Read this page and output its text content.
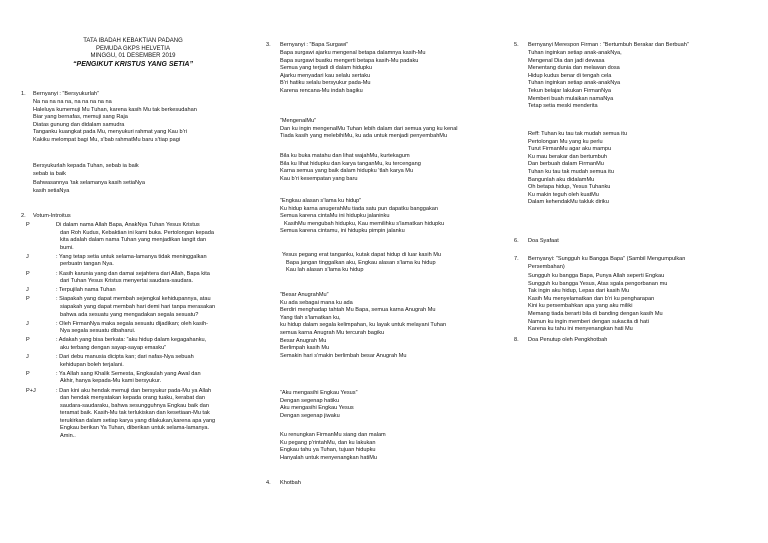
TATA IBADAH KEBAKTIAN PADANG
PEMUDA GKPS HELVETIA
MINGGU, 01 DESEMBER 2019
“PENGIKUT KRISTUS YANG SETIA”
1. Bernyanyi : “Bersyukurlah”
Na na na na na, na na na na na
Haleluya kumemuji Mu Tuhan, karena kasih Mu tak berkesudahan
Biar yang bernafas, memuji sang Raja
Diatas gunung dan didalam samudra
Tanganku kuangkat pada Mu, menyukuri rahmat yang Kau b’ri
Kakiku melompat bagi Mu, s’bab rahmatMu baru s’tiap pagi
Bersyukurlah kepada Tuhan, sebab ia baik
sebab ia baik
Bahwasannya ‘tak selamanya kasih setiaNya
kasih setiaNya
2. Votum-Introitus
P	Di dalam nama Allah Bapa, AnakNya Tuhan Yesus Kristus
dan Roh Kudus, Kebaktian ini kami buka. Pertolongan kepada
kita adalah dalam nama Tuhan yang menjadikan langit dan
bumi.
J	: Yang tetap setia untuk selama-lamanya tidak meninggalkan
perbuatn tangan Nya.
P	: Kasih karunia yang dan damai sejahtera dari Allah, Bapa kita
dari Tuhan Yesus Kristus menyertai saudara-saudara.
J	: Terpujilah nama Tuhan
P	: Siapakah yang dapat membah sejengkal kehidupannya, atau
siapakah yang dapat membah hari demi hari tanpa merasakan
bahwa ada sesuatu yang mengadakan segala sesuatu?
J	: Oleh FirmanNya maka segala sesuatu dijadikan; oleh kasih-
Nya segala sesuatu dibaharui.
P	: Adakah yang bisa berkata: “aku hidup dalam kegagahanku,
aku terbang dengan sayap-sayap emasku”
J	: Dari debu manusia dicipta kan; dari nafas-Nya sebuah
kehidupan boleh terjalani.
P	: Ya Allah sang Khalik Semesta, Engkaulah yang Awal dan
Akhir, hanya kepada-Mu kami bersyukur.
P+J	: Dan kini aku hendak memuji dan bersyukur pada-Mu ya Allah
dan hendak menyatakan kepada orang tuaku, kerabat dan
saudara-saudaraku, bahwa sesungguhnya Engkau baik dan
teramat baik. Kasih-Mu tak terlukiskan dan kesetiaan-Mu tak
terukirkan dalam setiap karya yang dilakukan,karena apa yang
Engkau berikan Ya Tuhan, diberikan untuk selama-lamanya.
Amin..
3. Bernyanyi : “Bapa Surgawi”
Bapa surgawi ajarku mengenal betapa dalamnya kasih-Mu
Bapa surgawi buatku mengerti betapa kasih-Mu padaku
Semua yang terjadi di dalam hidupku
Ajarku menyadari kau selalu sertaku
B’ri hatiku selalu bersyukur pada-Mu
Karena rencana-Mu indah bagiku
“MengenalMu”
Dan ku ingin mengenalMu Tuhan lebih dalam dari semua yang ku kenal
Tiada kasih yang melebihiMu, ku ada untuk menjadi penyembahMu
Bila ku buka matahu dan lihat wajahMu, kurtekagum
Bila ku lihat hidupku dan karya tanganMu, ku tercengang
Karna semua yang baik dalam hidupku ‘tlah karya Mu
Kau b’ri kesempatan yang baru
“Engkau alasan s’lama ku hidup”
Ku hidup karna anugerahMu tiada satu pun dapatku banggakan
Semua karena cintaMu ini hidupku jalaninku
KasihMu mengubah hidupku, Kau memilihku s’lamatkan hidupku
Semua karena cintamu, ini hidupku pimpin jalanku
Yesus pegang erat tanganku, kutak dapat hidup di luar kasih Mu
Bapa jangan tinggalkan aku, Engkau alasan s’lama ku hidup
Kau lah alasan s’lama ku hidup
“Besar AnugrahMu”
Ku ada sebagai mana ku ada
Berdiri menghadap tahtah Mu Bapa, semua karna Anugrah Mu
Yang tlah s’lamatkan ku,
ku hidup dalam segala kelimpahan, ku layak untuk melayani Tuhan
semua karna Anugrah Mu tercurah bagiku
Besar Anugrah Mu
Berlimpah kasih Mu
Semakin hari s’makin berlimbah besar Anugrah Mu
“Aku mengasihi Engkau Yesus”
Dengan segenap hatiku
Aku mengasihi Engkau Yesus
Dengan segenap jiwaku
Ku renungkan FirmanMu siang dan malam
Ku pegang p’rintahMu, dan ku lakukan
Engkau tahu ya Tuhan, tujuan hidupku
Hanyalah untuk menyenangkan hatiMu
4. Khotbah
5. Bernyanyi Merespon Firman : “Bertumbuh Berakar dan Berbuah”
Tuhan inginkan setiap anak-anakNya,
Mengenal Dia dan jadi dewasa
Menentang dunia dan melawan dosa
Hidup kudus benar di tengah cela
Tuhan inginkan setiap anak-anakNya
Tekun belajar lakukan FirmanNya
Memberi buah mulaikan namaNya
Tetap setia meski menderita
Reff: Tuhan ku tau tak mudah semua itu
Pertolongan Mu yang ku perlu
Turut FirmanMu agar aku mampu
Ku mau berakar dan bertumbuh
Dan berbuah dalam FirmanMu
Tuhan ku tau tak mudah semua itu
Bangunlah aku didalamMu
Oh betapa hidup, Yesus Tuhanku
Ku makin teguh oleh kuatMu
Dalam kehendakMu takluk diriku
6. Doa Syafaat
7. Bernyanyi: “Sungguh ku Bangga Bapa” (Sambil Mengumpulkan
Persembahan)
Sungguh ku bangga Bapa, Punya Allah seperti Engkau
Sungguh ku bangga Yesus, Atas sgala pengorbanan mu
Tak ingin aku hidup, Lepas dari kasih Mu
Kasih Mu menyelamatkan dan b’ri ku pengharapan
Kini ku persembahkan apa yang aku miliki
Memang tiada berarti bila di banding dengan kasih Mu
Namun ku ingin memberi dengan sukacita di hati
Karena ku tahu ini menyenangkan hati Mu
8. Doa Penutup oleh Pengkhotbah
